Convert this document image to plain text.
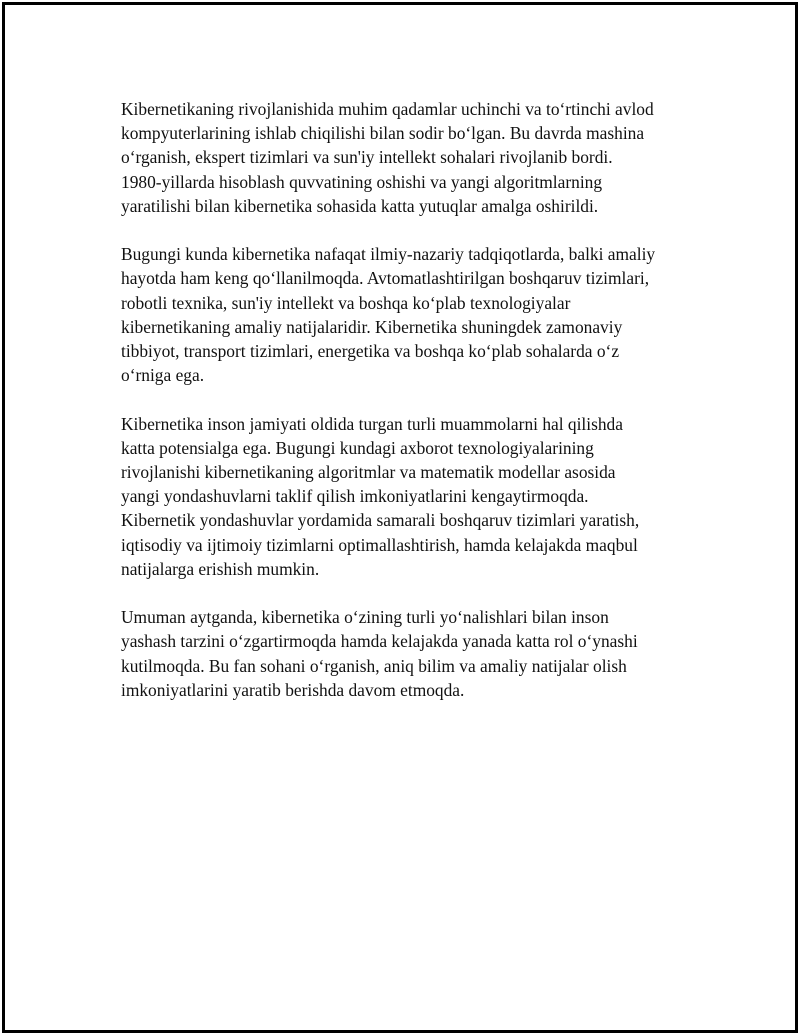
Kibernetikaning rivojlanishida muhim qadamlar uchinchi va to‘rtinchi avlod
kompyuterlarining ishlab chiqilishi bilan sodir bo‘lgan. Bu davrda mashina
o‘rganish, ekspert tizimlari va sun'iy intellekt sohalari rivojlanib bordi.
1980-yillarda hisoblash quvvatining oshishi va yangi algoritmlarning
yaratilishi bilan kibernetika sohasida katta yutuqlar amalga oshirildi.

Bugungi kunda kibernetika nafaqat ilmiy-nazariy tadqiqotlarda, balki amaliy
hayotda ham keng qo‘llanilmoqda. Avtomatlashtirilgan boshqaruv tizimlari,
robotli texnika, sun'iy intellekt va boshqa ko‘plab texnologiyalar
kibernetikaning amaliy natijalaridir. Kibernetika shuningdek zamonaviy
tibbiyot, transport tizimlari, energetika va boshqa ko‘plab sohalarda o‘z
o‘rniga ega.

Kibernetika inson jamiyati oldida turgan turli muammolarni hal qilishda
katta potensialga ega. Bugungi kundagi axborot texnologiyalarining
rivojlanishi kibernetikaning algoritmlar va matematik modellar asosida
yangi yondashuvlarni taklif qilish imkoniyatlarini kengaytirmoqda.
Kibernetik yondashuvlar yordamida samarali boshqaruv tizimlari yaratish,
iqtisodiy va ijtimoiy tizimlarni optimallashtirish, hamda kelajakda maqbul
natijalarga erishish mumkin.

Umuman aytganda, kibernetika o‘zining turli yo‘nalishlari bilan inson
yashash tarzini o‘zgartirmoqda hamda kelajakda yanada katta rol o‘ynashi
kutilmoqda. Bu fan sohani o‘rganish, aniq bilim va amaliy natijalar olish
imkoniyatlarini yaratib berishda davom etmoqda.
